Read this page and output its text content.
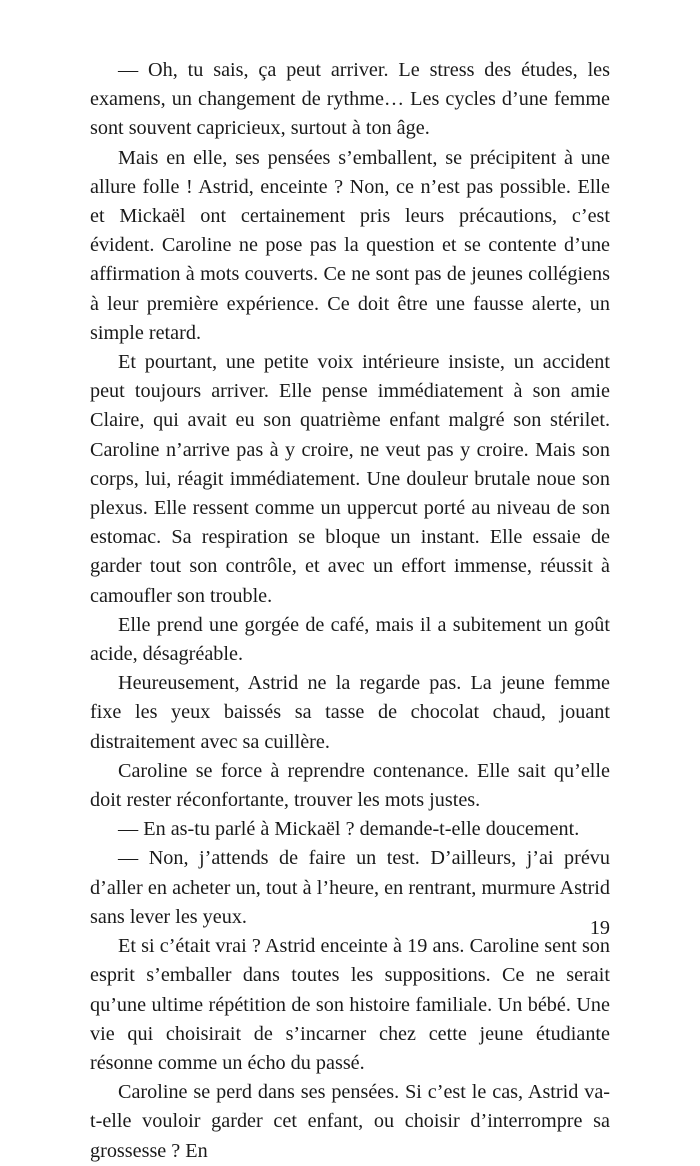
— Oh, tu sais, ça peut arriver. Le stress des études, les examens, un changement de rythme… Les cycles d’une femme sont souvent capricieux, surtout à ton âge.

Mais en elle, ses pensées s’emballent, se précipitent à une allure folle ! Astrid, enceinte ? Non, ce n’est pas possible. Elle et Mickaël ont certainement pris leurs précautions, c’est évident. Caroline ne pose pas la question et se contente d’une affirmation à mots couverts. Ce ne sont pas de jeunes collégiens à leur première expérience. Ce doit être une fausse alerte, un simple retard.

Et pourtant, une petite voix intérieure insiste, un accident peut toujours arriver. Elle pense immédiatement à son amie Claire, qui avait eu son quatrième enfant malgré son stérilet. Caroline n’arrive pas à y croire, ne veut pas y croire. Mais son corps, lui, réagit immédiatement. Une douleur brutale noue son plexus. Elle ressent comme un uppercut porté au niveau de son estomac. Sa respiration se bloque un instant. Elle essaie de garder tout son contrôle, et avec un effort immense, réussit à camoufler son trouble.

Elle prend une gorgée de café, mais il a subitement un goût acide, désagréable.

Heureusement, Astrid ne la regarde pas. La jeune femme fixe les yeux baissés sa tasse de chocolat chaud, jouant distraitement avec sa cuillère.

Caroline se force à reprendre contenance. Elle sait qu’elle doit rester réconfortante, trouver les mots justes.

— En as-tu parlé à Mickaël ? demande-t-elle doucement.

— Non, j’attends de faire un test. D’ailleurs, j’ai prévu d’aller en acheter un, tout à l’heure, en rentrant, murmure Astrid sans lever les yeux.

Et si c’était vrai ? Astrid enceinte à 19 ans. Caroline sent son esprit s’emballer dans toutes les suppositions. Ce ne serait qu’une ultime répétition de son histoire familiale. Un bébé. Une vie qui choisirait de s’incarner chez cette jeune étudiante résonne comme un écho du passé.

Caroline se perd dans ses pensées. Si c’est le cas, Astrid va-t-elle vouloir garder cet enfant, ou choisir d’interrompre sa grossesse ? En

19
